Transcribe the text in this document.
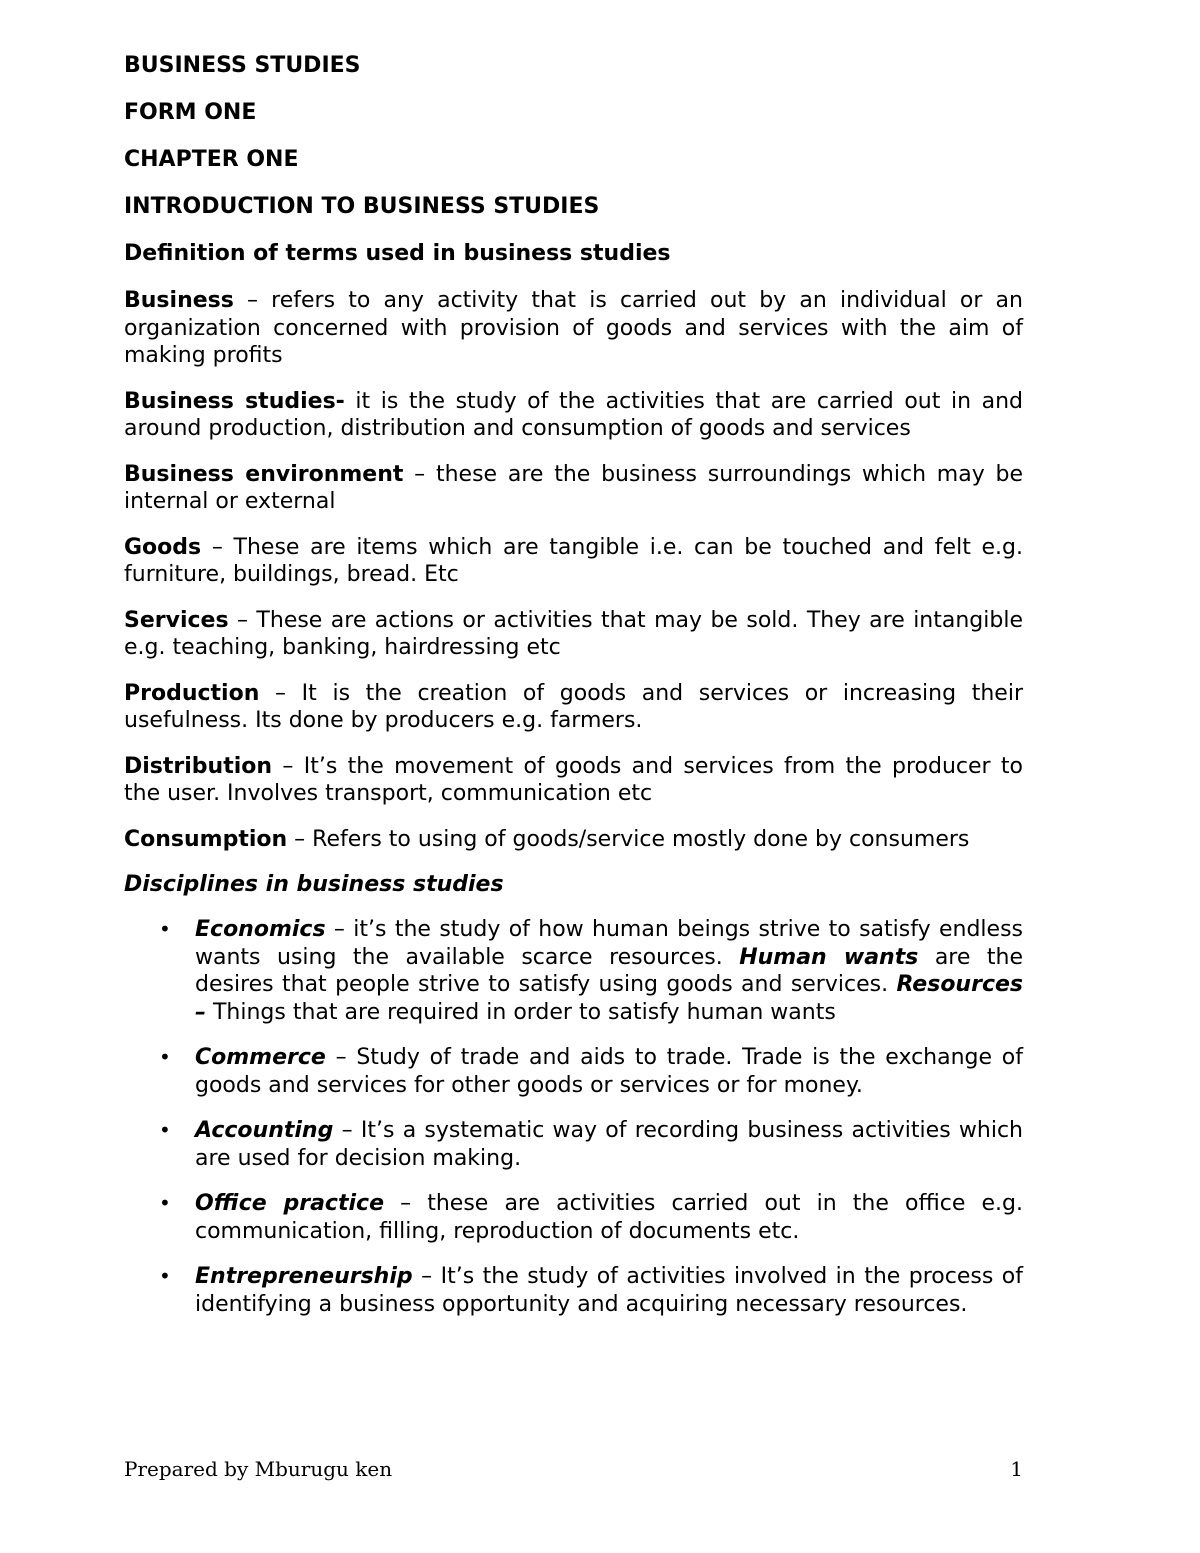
BUSINESS STUDIES

FORM ONE

CHAPTER ONE

INTRODUCTION TO BUSINESS STUDIES

Definition of terms used in business studies

Business – refers to any activity that is carried out by an individual or an organization concerned with provision of goods and services with the aim of making profits

Business studies- it is the study of the activities that are carried out in and around production, distribution and consumption of goods and services

Business environment – these are the business surroundings which may be internal or external

Goods – These are items which are tangible i.e. can be touched and felt e.g. furniture, buildings, bread. Etc

Services – These are actions or activities that may be sold. They are intangible e.g. teaching, banking, hairdressing etc

Production – It is the creation of goods and services or increasing their usefulness. Its done by producers e.g. farmers.

Distribution – It’s the movement of goods and services from the producer to the user. Involves transport, communication etc

Consumption – Refers to using of goods/service mostly done by consumers

Disciplines in business studies

• Economics – it’s the study of how human beings strive to satisfy endless wants using the available scarce resources. Human wants are the desires that people strive to satisfy using goods and services. Resources – Things that are required in order to satisfy human wants
• Commerce – Study of trade and aids to trade. Trade is the exchange of goods and services for other goods or services or for money.
• Accounting – It’s a systematic way of recording business activities which are used for decision making.
• Office practice – these are activities carried out in the office e.g. communication, filling, reproduction of documents etc.
• Entrepreneurship – It’s the study of activities involved in the process of identifying a business opportunity and acquiring necessary resources.
Prepared by Mburugu ken	1
